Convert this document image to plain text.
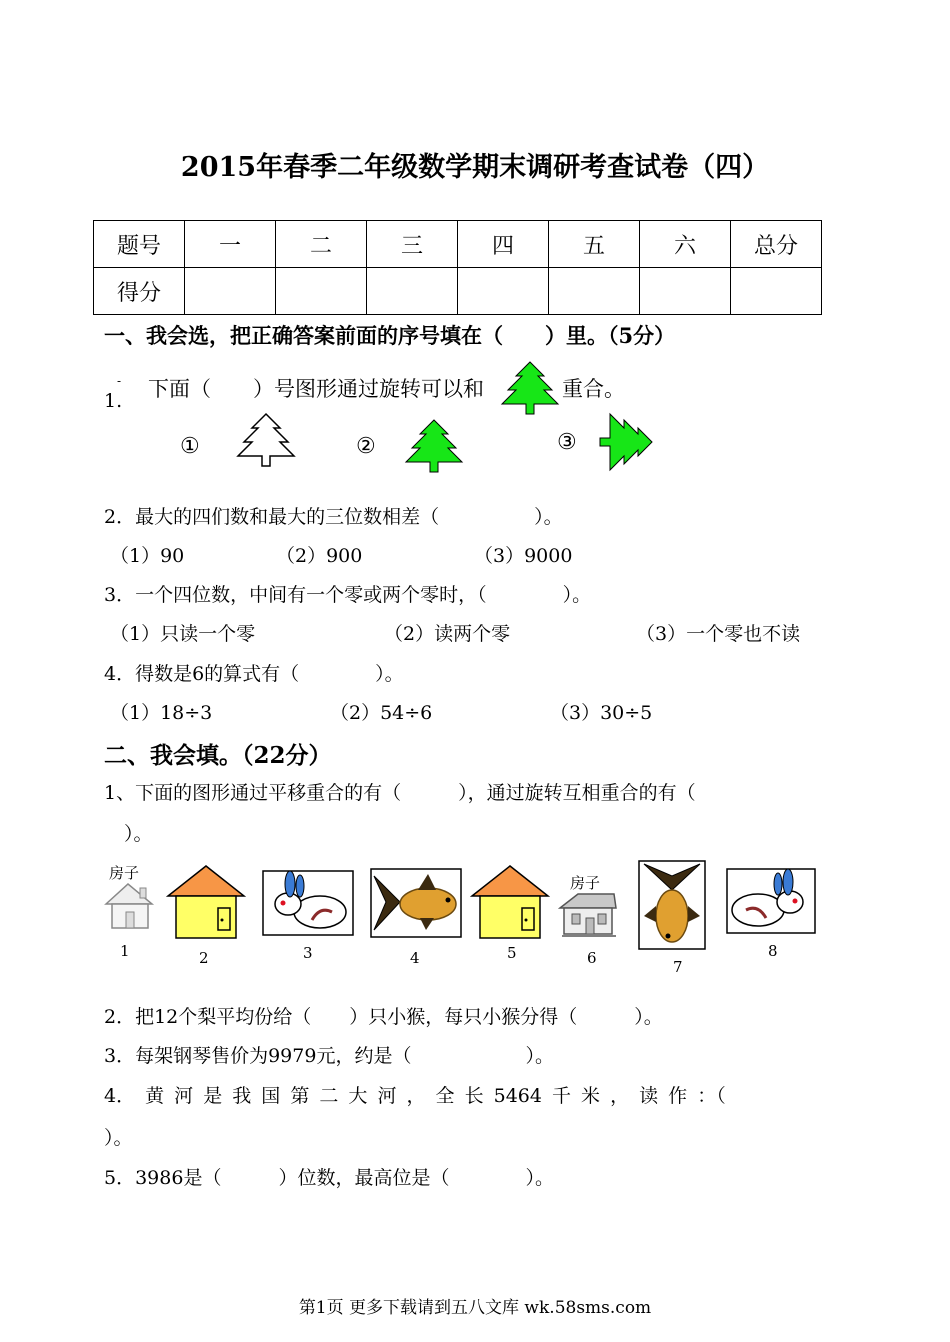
2015年春季二年级数学期末调研考查试卷（四）
题号	一	二	三	四	五	六	总分
得分							
一、我会选，把正确答案前面的序号填在（　　）里。（5分）
1.
- 下面（　　）号图形通过旋转可以和	重合。
①	②	③
2．最大的四们数和最大的三位数相差（　　　　　）。
（1）90	（2）900	（3）9000
3．一个四位数，中间有一个零或两个零时，（　　　　）。
（1）只读一个零	（2）读两个零	（3）一个零也不读
4．得数是6的算式有（　　　　）。
（1）18÷3	（2）54÷6	（3）30÷5
二、我会填。（22分）
1、下面的图形通过平移重合的有（　　　），通过旋转互相重合的有（
）。
房子
1	2	3	4	5
房子
6	7
8
2．把12个梨平均份给（　　）只小猴，每只小猴分得（　　　）。
3．每架钢琴售价为9979元，约是（　　　　　　）。
4． 黄 河 是 我 国 第 二 大 河 ， 全 长 5464 千 米 ， 读 作 ：（
）。
5．3986是（　　　）位数，最高位是（　　　　）。
第1页 更多下载请到五八文库 wk.58sms.com
